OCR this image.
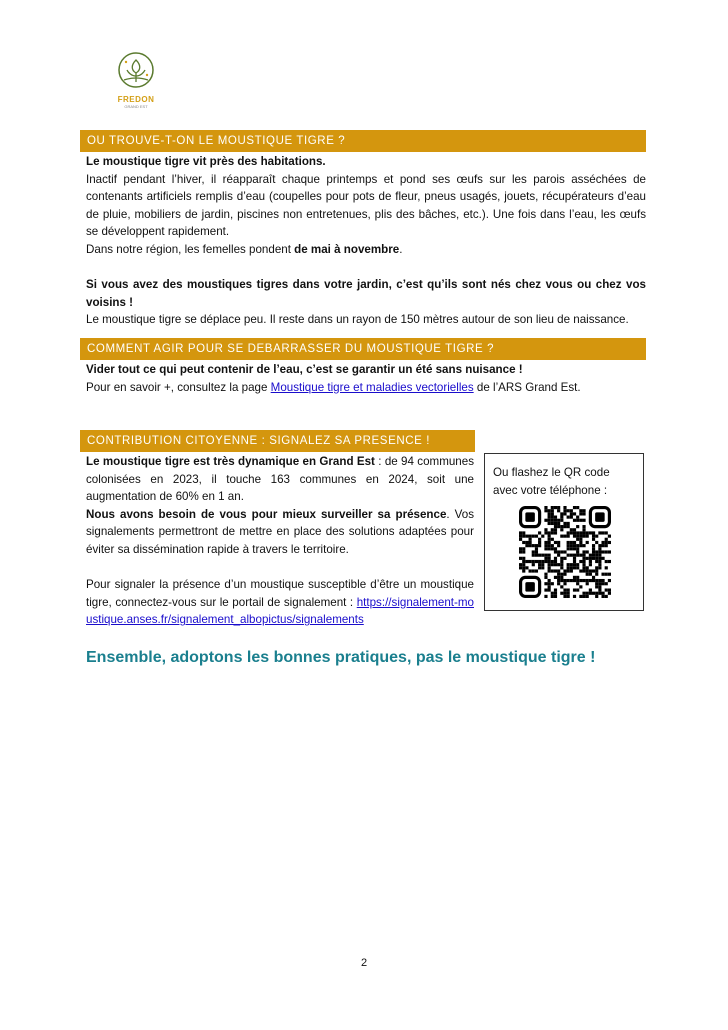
FREDON
GRAND EST
OU TROUVE-T-ON LE MOUSTIQUE TIGRE ?

Le moustique tigre vit près des habitations.

Inactif pendant l’hiver, il réapparaît chaque printemps et pond ses œufs sur les parois asséchées de contenants artificiels remplis d’eau (coupelles pour pots de fleur, pneus usagés, jouets, récupérateurs d’eau de pluie, mobiliers de jardin, piscines non entretenues, plis des bâches, etc.). Une fois dans l’eau, les œufs se développent rapidement.

Dans notre région, les femelles pondent de mai à novembre.

Si vous avez des moustiques tigres dans votre jardin, c’est qu’ils sont nés chez vous ou chez vos voisins !

Le moustique tigre se déplace peu. Il reste dans un rayon de 150 mètres autour de son lieu de naissance.

COMMENT AGIR POUR SE DEBARRASSER DU MOUSTIQUE TIGRE ?

Vider tout ce qui peut contenir de l’eau, c’est se garantir un été sans nuisance !

Pour en savoir +, consultez la page Moustique tigre et maladies vectorielles de l’ARS Grand Est.

CONTRIBUTION CITOYENNE : SIGNALEZ SA PRESENCE !

Le moustique tigre est très dynamique en Grand Est : de 94 communes colonisées en 2023, il touche 163 communes en 2024, soit une augmentation de 60% en 1 an.

Nous avons besoin de vous pour mieux surveiller sa présence. Vos signalements permettront de mettre en place des solutions adaptées pour éviter sa dissémination rapide à travers le territoire.

Pour signaler la présence d’un moustique susceptible d’être un moustique tigre, connectez-vous sur le portail de signalement : https://signalement-moustique.anses.fr/signalement_albopictus/signalements

Ou flashez le QR code avec votre téléphone :
Ensemble, adoptons les bonnes pratiques, pas le moustique tigre !
2
